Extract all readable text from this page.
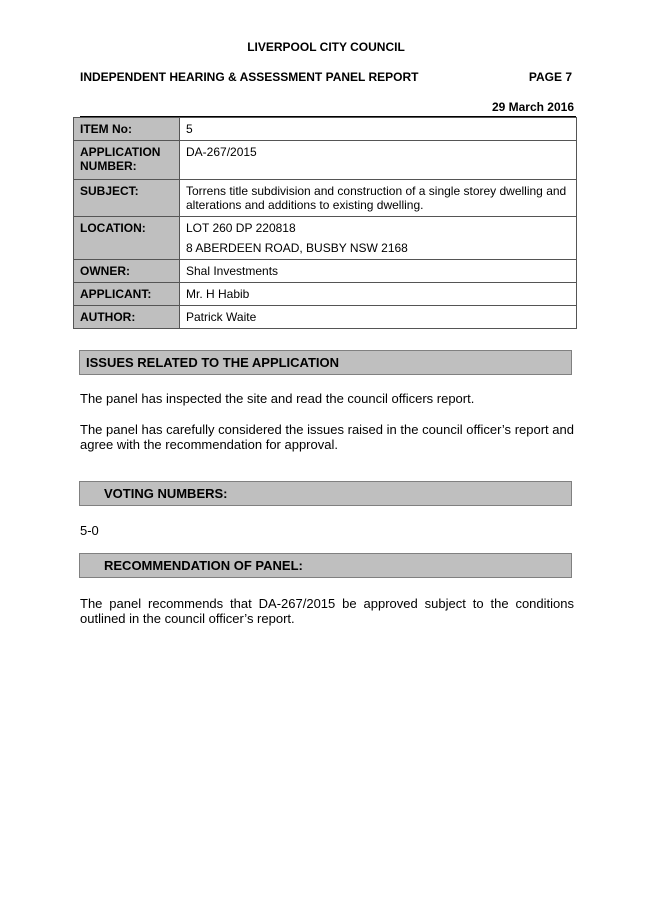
LIVERPOOL CITY COUNCIL
INDEPENDENT HEARING & ASSESSMENT PANEL REPORT	PAGE 7
29 March 2016
ITEM No:	5
APPLICATION NUMBER:	DA-267/2015
SUBJECT:	Torrens title subdivision and construction of a single storey dwelling and alterations and additions to existing dwelling.
LOCATION:	LOT 260 DP 220818
8 ABERDEEN ROAD, BUSBY NSW 2168

OWNER:	Shal Investments
APPLICANT:	Mr. H Habib
AUTHOR:	Patrick Waite
ISSUES RELATED TO THE APPLICATION
The panel has inspected the site and read the council officers report.
The panel has carefully considered the issues raised in the council officer’s report and agree with the recommendation for approval.
VOTING NUMBERS:
5-0
RECOMMENDATION OF PANEL:
The panel recommends that DA-267/2015 be approved subject to the conditions outlined in the council officer’s report.
